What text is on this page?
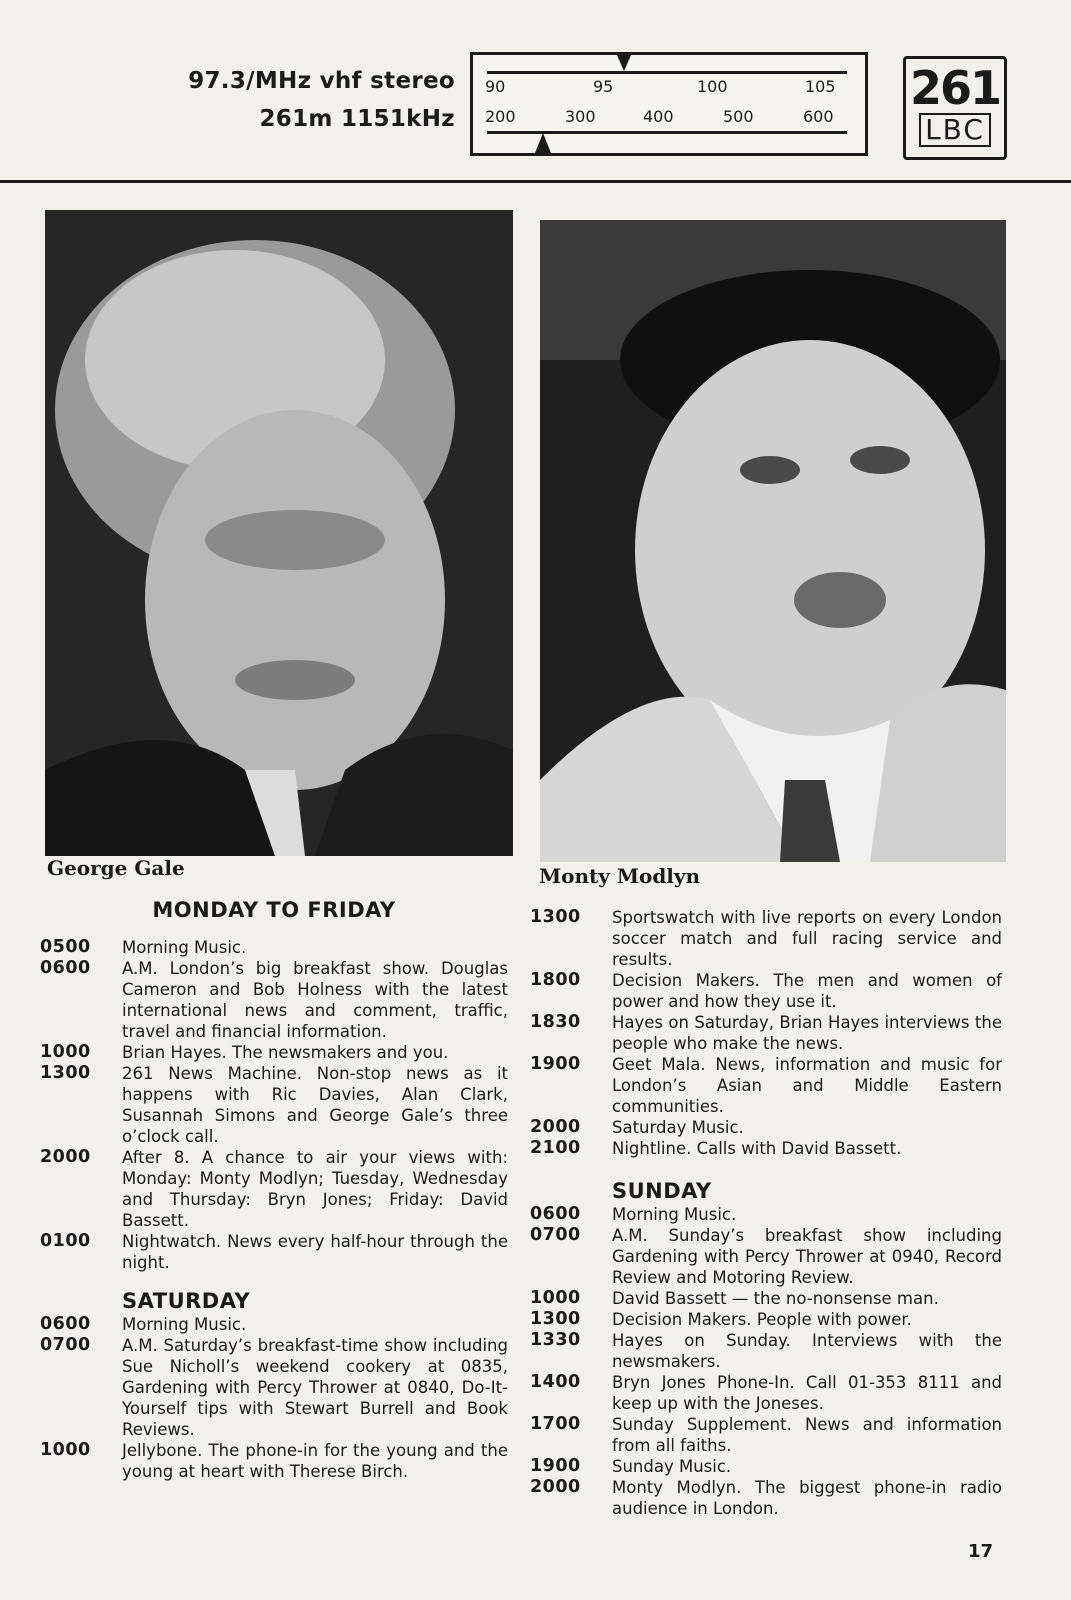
97.3/MHz vhf stereo
261m 1151kHz
90	95	100	105
200	300	400	500	600
261
LBC
George Gale	Monty Modlyn
MONDAY TO FRIDAY
0500	Morning Music.
0600	A.M. London’s big breakfast show. Douglas Cameron and Bob Holness with the latest international news and comment, traffic, travel and financial information.
1000	Brian Hayes. The newsmakers and you.
1300	261 News Machine. Non-stop news as it happens with Ric Davies, Alan Clark, Susannah Simons and George Gale’s three o’clock call.
2000	After 8. A chance to air your views with: Monday: Monty Modlyn; Tuesday, Wednesday and Thursday: Bryn Jones; Friday: David Bassett.
0100	Nightwatch. News every half-hour through the night.
SATURDAY
0600	Morning Music.
0700	A.M. Saturday’s breakfast-time show including Sue Nicholl’s weekend cookery at 0835, Gardening with Percy Thrower at 0840, Do-It-Yourself tips with Stewart Burrell and Book Reviews.
1000	Jellybone. The phone-in for the young and the young at heart with Therese Birch.
1300	Sportswatch with live reports on every London soccer match and full racing service and results.
1800	Decision Makers. The men and women of power and how they use it.
1830	Hayes on Saturday, Brian Hayes interviews the people who make the news.
1900	Geet Mala. News, information and music for London’s Asian and Middle Eastern communities.
2000	Saturday Music.
2100	Nightline. Calls with David Bassett.
SUNDAY
0600	Morning Music.
0700	A.M. Sunday’s breakfast show including Gardening with Percy Thrower at 0940, Record Review and Motoring Review.
1000	David Bassett — the no-nonsense man.
1300	Decision Makers. People with power.
1330	Hayes on Sunday. Interviews with the newsmakers.
1400	Bryn Jones Phone-In. Call 01-353 8111 and keep up with the Joneses.
1700	Sunday Supplement. News and information from all faiths.
1900	Sunday Music.
2000	Monty Modlyn. The biggest phone-in radio audience in London.
17
